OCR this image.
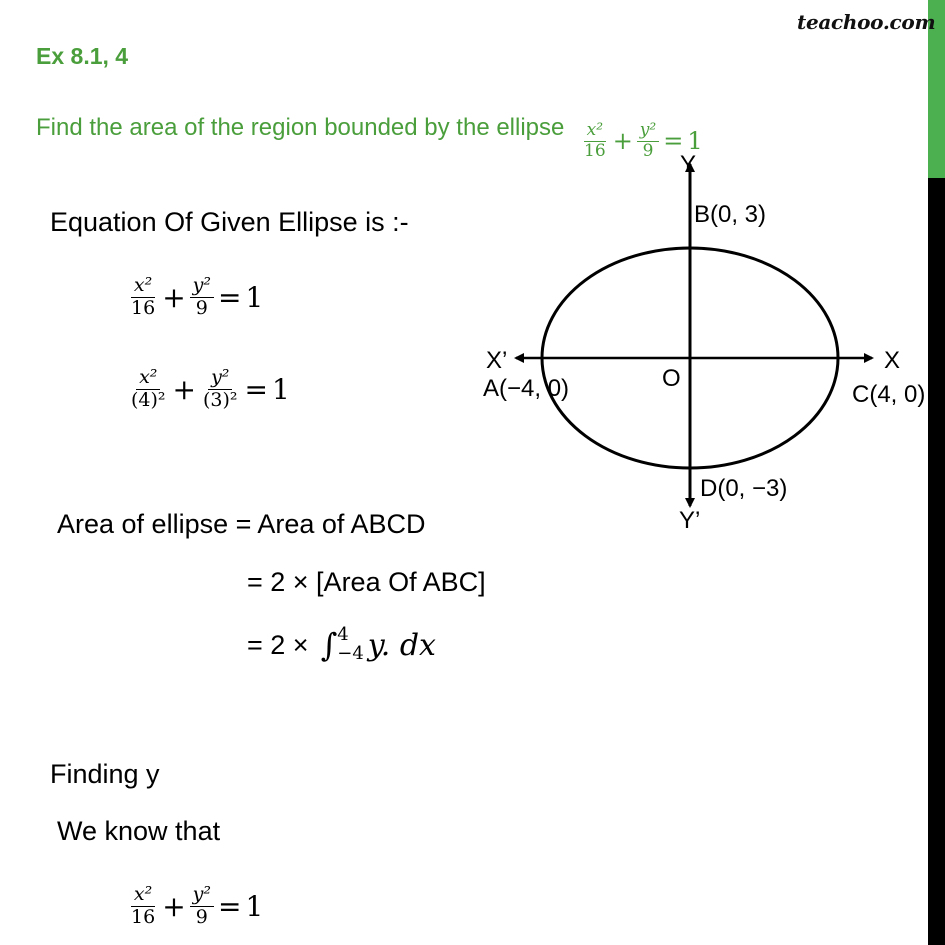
teachoo.com
Ex 8.1, 4
Find the area of the region bounded by the ellipse $\frac{\text{x²}}{16} + \frac{\text{y²}}{9} = 1$
Equation Of Given Ellipse is :-
$\frac{\text{x²}}{16} + \frac{\text{y²}}{9} = 1$
$\frac{\text{x²}}{\text{(4)²}} + \frac{\text{y²}}{\text{(3)²}} = 1$
Area of ellipse = Area of ABCD
= 2 × [Area Of ABC]
= 2 × ∫ 4
−4 y. dx
Finding y
We know that
$\frac{\text{x²}}{16} + \frac{\text{y²}}{9} = 1$
Y
Y’
X
X’
O
B(0, 3)
A(−4, 0)	C(4, 0)
D(0, −3)
